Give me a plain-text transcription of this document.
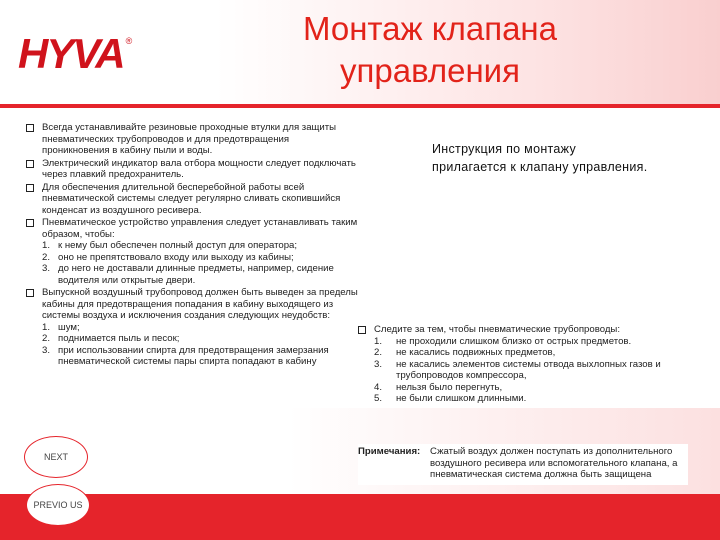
HYVA ®	Монтаж клапана
управления
Всегда устанавливайте резиновые проходные втулки для защиты пневматических трубопроводов и для предотвращения проникновения в кабину пыли и воды.
Электрический индикатор вала отбора мощности следует подключать через плавкий предохранитель.
Для обеспечения длительной бесперебойной работы всей пневматической системы следует регулярно сливать скопившийся конденсат из воздушного ресивера.
Пневматическое устройство управления следует устанавливать таким образом, чтобы:
1. к нему был обеспечен полный доступ для оператора;
2. оно не препятствовало входу или выходу из кабины;
3. до него не доставали длинные предметы, например, сидение водителя или открытые двери.
Выпускной воздушный трубопровод должен быть выведен за пределы кабины для предотвращения попадания в кабину выходящего из системы воздуха и исключения создания следующих неудобств:
1. шум;
2. поднимается пыль и песок;
3. при использовании спирта для предотвращения замерзания пневматической системы пары спирта попадают в кабину
Инструкция по монтажу прилагается к клапану управления.
Следите за тем, чтобы пневматические трубопроводы:
1.	не проходили слишком близко от острых предметов.
2.	не касались подвижных предметов,
3.	не касались элементов системы отвода выхлопных газов и трубопроводов компрессора,
4.	нельзя было перегнуть,
5.	не были слишком длинными.
Примечания:	Сжатый воздух должен поступать из дополнительного воздушного ресивера или вспомогательного клапана, а пневматическая система должна быть защищена
NEXT
PREVIO US
